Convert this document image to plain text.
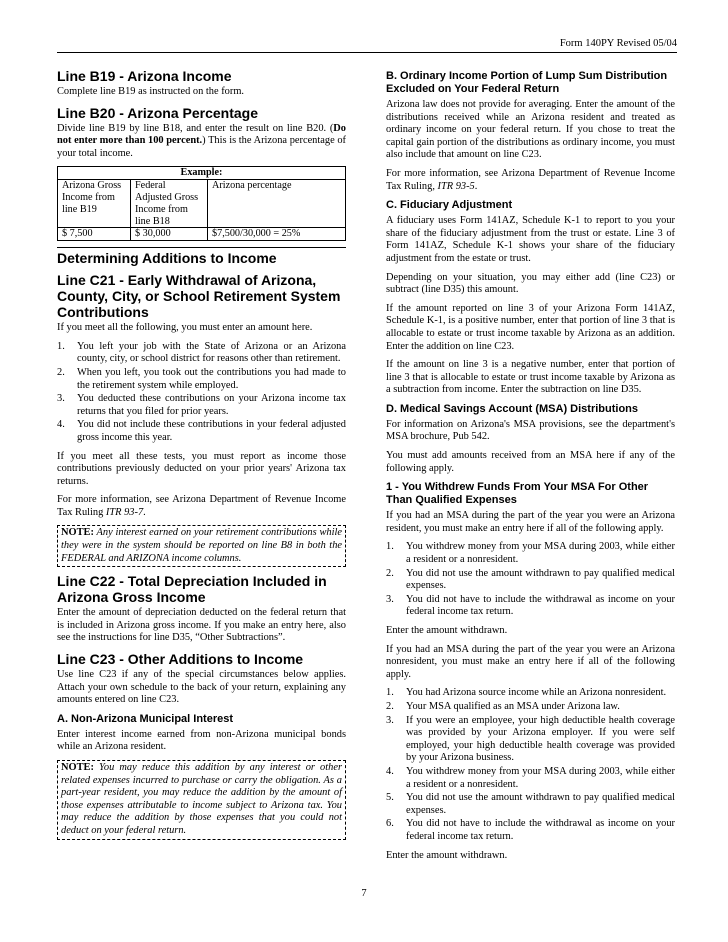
Form 140PY Revised 05/04
Line B19 - Arizona Income

Complete line B19 as instructed on the form.

Line B20 - Arizona Percentage

Divide line B19 by line B18, and enter the result on line B20. (Do not enter more than 100 percent.) This is the Arizona percentage of your total income.

Example:		
Arizona Gross Income from line B19	Federal Adjusted Gross Income from line B18	Arizona percentage
$ 7,500	$ 30,000	$7,500/30,000 = 25%
Determining Additions to Income
Line C21 - Early Withdrawal of Arizona, County, City, or School Retirement System Contributions

If you meet all the following, you must enter an amount here.

1. You left your job with the State of Arizona or an Arizona county, city, or school district for reasons other than retirement.
2. When you left, you took out the contributions you had made to the retirement system while employed.
3. You deducted these contributions on your Arizona income tax returns that you filed for prior years.
4. You did not include these contributions in your federal adjusted gross income this year.

If you meet all these tests, you must report as income those contributions previously deducted on your prior years' Arizona tax returns.

For more information, see Arizona Department of Revenue Income Tax Ruling ITR 93-7.

NOTE: Any interest earned on your retirement contributions while they were in the system should be reported on line B8 in both the FEDERAL and ARIZONA income columns.
Line C22 - Total Depreciation Included in Arizona Gross Income

Enter the amount of depreciation deducted on the federal return that is included in Arizona gross income. If you make an entry here, also see the instructions for line D35, “Other Subtractions”.

Line C23 - Other Additions to Income

Use line C23 if any of the special circumstances below applies. Attach your own schedule to the back of your return, explaining any amounts entered on line C23.

A. Non-Arizona Municipal Interest

Enter interest income earned from non-Arizona municipal bonds while an Arizona resident.

NOTE: You may reduce this addition by any interest or other related expenses incurred to purchase or carry the obligation. As a part-year resident, you may reduce the addition by the amount of those expenses attributable to income subject to Arizona tax. You may reduce the addition by those expenses that you could not deduct on your federal return.
B. Ordinary Income Portion of Lump Sum Distribution Excluded on Your Federal Return

Arizona law does not provide for averaging. Enter the amount of the distributions received while an Arizona resident and treated as ordinary income on your federal return. If you chose to treat the capital gain portion of the distributions as ordinary income, you must also include that amount on line C23.

For more information, see Arizona Department of Revenue Income Tax Ruling, ITR 93-5.

C. Fiduciary Adjustment

A fiduciary uses Form 141AZ, Schedule K-1 to report to you your share of the fiduciary adjustment from the trust or estate. Line 3 of Form 141AZ, Schedule K-1 shows your share of the fiduciary adjustment from the estate or trust.

Depending on your situation, you may either add (line C23) or subtract (line D35) this amount.

If the amount reported on line 3 of your Arizona Form 141AZ, Schedule K-1, is a positive number, enter that portion of line 3 that is allocable to estate or trust income taxable by Arizona as an addition. Enter the addition on line C23.

If the amount on line 3 is a negative number, enter that portion of line 3 that is allocable to estate or trust income taxable by Arizona as a subtraction from income. Enter the subtraction on line D35.

D. Medical Savings Account (MSA) Distributions

For information on Arizona's MSA provisions, see the department's MSA brochure, Pub 542.

You must add amounts received from an MSA here if any of the following apply.

1 - You Withdrew Funds From Your MSA For Other Than Qualified Expenses

If you had an MSA during the part of the year you were an Arizona resident, you must make an entry here if all of the following apply.

1. You withdrew money from your MSA during 2003, while either a resident or a nonresident.
2. You did not use the amount withdrawn to pay qualified medical expenses.
3. You did not have to include the withdrawal as income on your federal income tax return.

Enter the amount withdrawn.

If you had an MSA during the part of the year you were an Arizona nonresident, you must make an entry here if all of the following apply.

1. You had Arizona source income while an Arizona nonresident.
2. Your MSA qualified as an MSA under Arizona law.
3. If you were an employee, your high deductible health coverage was provided by your Arizona employer. If you were self employed, your high deductible health coverage was provided by your Arizona business.
4. You withdrew money from your MSA during 2003, while either a resident or a nonresident.
5. You did not use the amount withdrawn to pay qualified medical expenses.
6. You did not have to include the withdrawal as income on your federal income tax return.

Enter the amount withdrawn.

7
